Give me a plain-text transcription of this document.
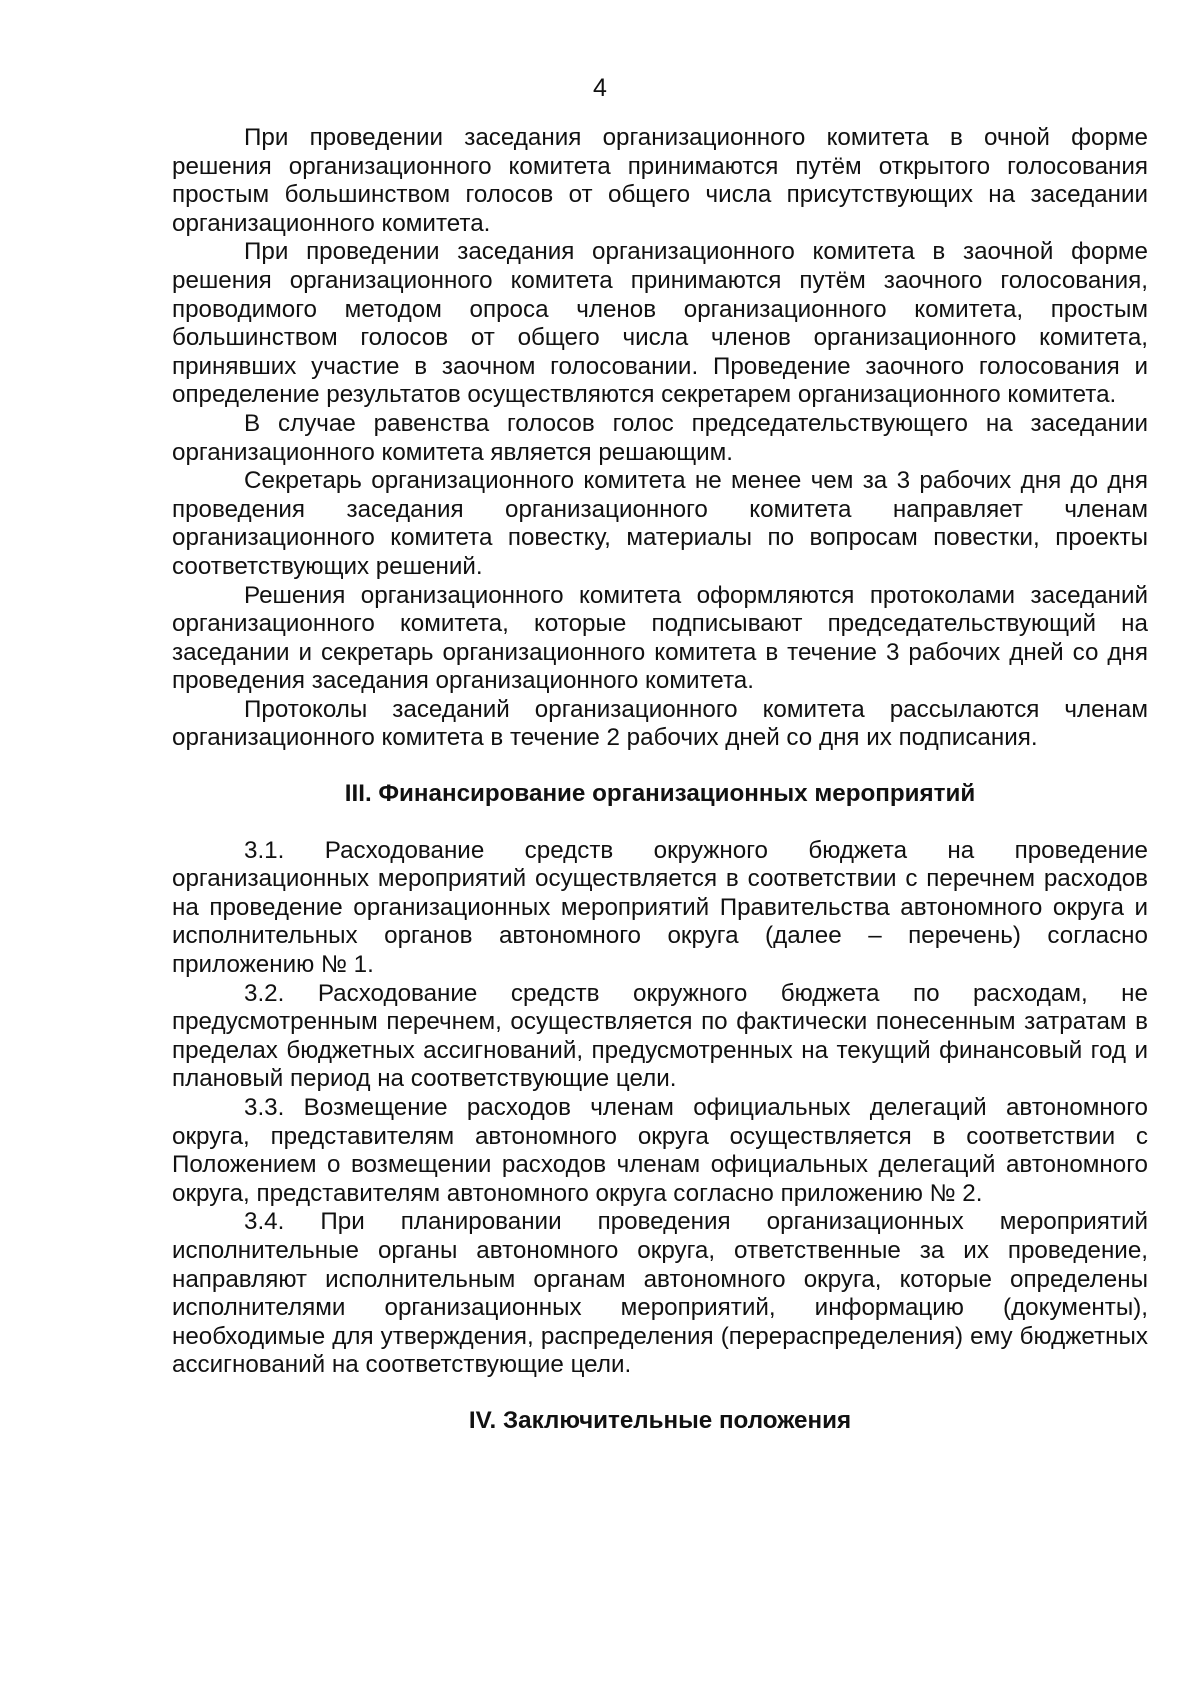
4

При проведении заседания организационного комитета в очной форме решения организационного комитета принимаются путём открытого голосования простым большинством голосов от общего числа присутствующих на заседании организационного комитета.

При проведении заседания организационного комитета в заочной форме решения организационного комитета принимаются путём заочного голосования, проводимого методом опроса членов организационного комитета, простым большинством голосов от общего числа членов организационного комитета, принявших участие в заочном голосовании. Проведение заочного голосования и определение результатов осуществляются секретарем организационного комитета.

В случае равенства голосов голос председательствующего на заседании организационного комитета является решающим.

Секретарь организационного комитета не менее чем за 3 рабочих дня до дня проведения заседания организационного комитета направляет членам организационного комитета повестку, материалы по вопросам повестки, проекты соответствующих решений.

Решения организационного комитета оформляются протоколами заседаний организационного комитета, которые подписывают председательствующий на заседании и секретарь организационного комитета в течение 3 рабочих дней со дня проведения заседания организационного комитета.

Протоколы заседаний организационного комитета рассылаются членам организационного комитета в течение 2 рабочих дней со дня их подписания.

III. Финансирование организационных мероприятий

3.1. Расходование средств окружного бюджета на проведение организационных мероприятий осуществляется в соответствии с перечнем расходов на проведение организационных мероприятий Правительства автономного округа и исполнительных органов автономного округа (далее – перечень) согласно приложению № 1.

3.2. Расходование средств окружного бюджета по расходам, не предусмотренным перечнем, осуществляется по фактически понесенным затратам в пределах бюджетных ассигнований, предусмотренных на текущий финансовый год и плановый период на соответствующие цели.

3.3. Возмещение расходов членам официальных делегаций автономного округа, представителям автономного округа осуществляется в соответствии с Положением о возмещении расходов членам официальных делегаций автономного округа, представителям автономного округа согласно приложению № 2.

3.4. При планировании проведения организационных мероприятий исполнительные органы автономного округа, ответственные за их проведение, направляют исполнительным органам автономного округа, которые определены исполнителями организационных мероприятий, информацию (документы), необходимые для утверждения, распределения (перераспределения) ему бюджетных ассигнований на соответствующие цели.

IV. Заключительные положения
